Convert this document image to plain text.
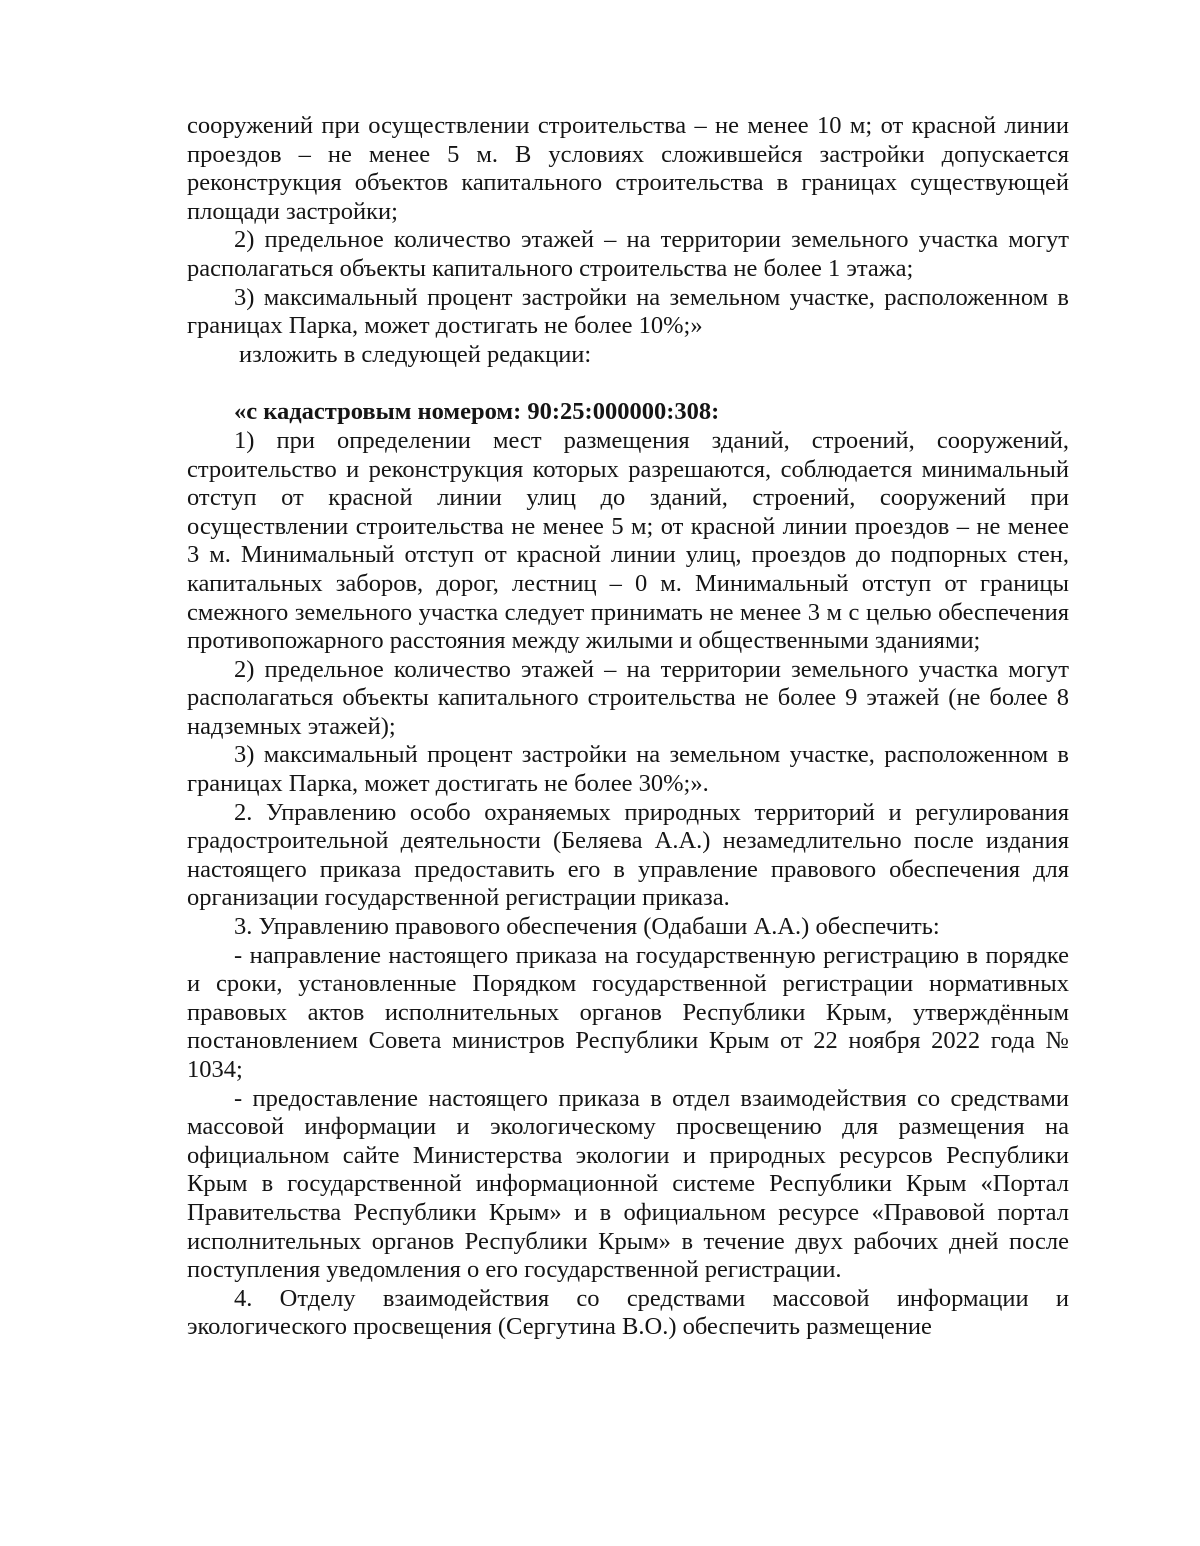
сооружений при осуществлении строительства – не менее 10 м; от красной линии проездов – не менее 5 м. В условиях сложившейся застройки допускается реконструкция объектов капитального строительства в границах существующей площади застройки;

2) предельное количество этажей – на территории земельного участка могут располагаться объекты капитального строительства не более 1 этажа;

3) максимальный процент застройки на земельном участке, расположенном в границах Парка, может достигать не более 10%;»

изложить в следующей редакции:

«с кадастровым номером: 90:25:000000:308:

1) при определении мест размещения зданий, строений, сооружений, строительство и реконструкция которых разрешаются, соблюдается минимальный отступ от красной линии улиц до зданий, строений, сооружений при осуществлении строительства не менее 5 м; от красной линии проездов – не менее 3 м. Минимальный отступ от красной линии улиц, проездов до подпорных стен, капитальных заборов, дорог, лестниц – 0 м. Минимальный отступ от границы смежного земельного участка следует принимать не менее 3 м с целью обеспечения противопожарного расстояния между жилыми и общественными зданиями;

2) предельное количество этажей – на территории земельного участка могут располагаться объекты капитального строительства не более 9 этажей (не более 8 надземных этажей);

3) максимальный процент застройки на земельном участке, расположенном в границах Парка, может достигать не более 30%;».

2. Управлению особо охраняемых природных территорий и регулирования градостроительной деятельности (Беляева А.А.) незамедлительно после издания настоящего приказа предоставить его в управление правового обеспечения для организации государственной регистрации приказа.

3. Управлению правового обеспечения (Одабаши А.А.) обеспечить:

- направление настоящего приказа на государственную регистрацию в порядке и сроки, установленные Порядком государственной регистрации нормативных правовых актов исполнительных органов Республики Крым, утверждённым постановлением Совета министров Республики Крым от 22 ноября 2022 года № 1034;

- предоставление настоящего приказа в отдел взаимодействия со средствами массовой информации и экологическому просвещению для размещения на официальном сайте Министерства экологии и природных ресурсов Республики Крым в государственной информационной системе Республики Крым «Портал Правительства Республики Крым» и в официальном ресурсе «Правовой портал исполнительных органов Республики Крым» в течение двух рабочих дней после поступления уведомления о его государственной регистрации.

4. Отделу взаимодействия со средствами массовой информации и экологического просвещения (Сергутина В.О.) обеспечить размещение
